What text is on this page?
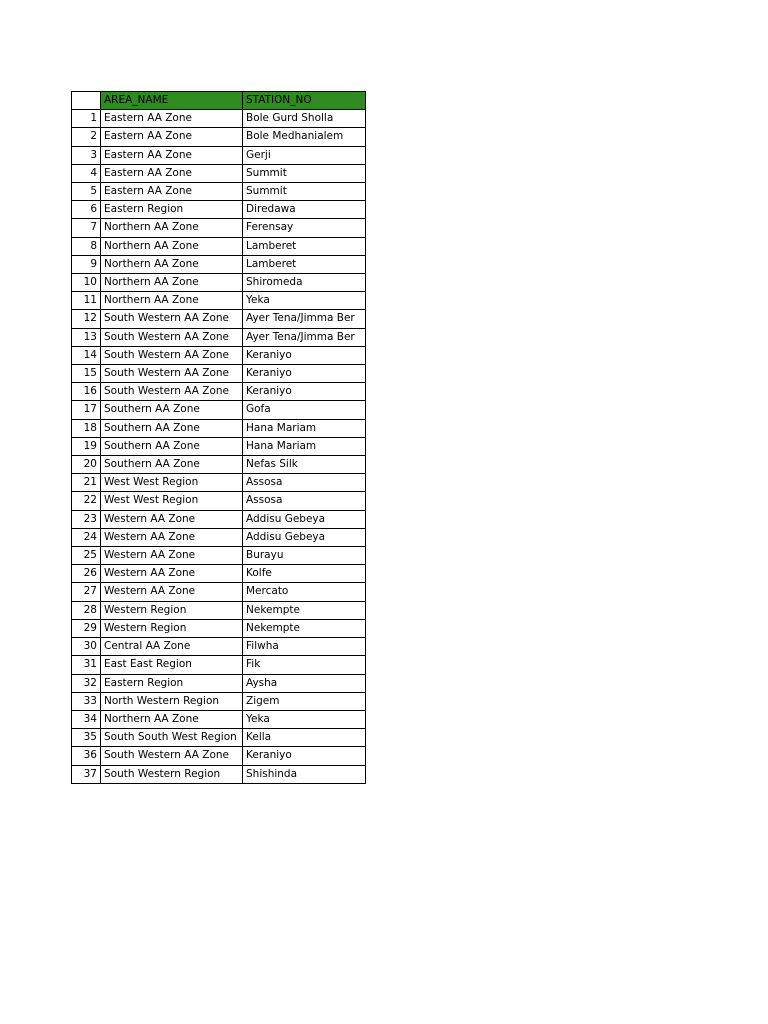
	AREA_NAME	STATION_NO
1	Eastern AA Zone	Bole Gurd Sholla
2	Eastern AA Zone	Bole Medhanialem
3	Eastern AA Zone	Gerji
4	Eastern AA Zone	Summit
5	Eastern AA Zone	Summit
6	Eastern Region	Diredawa
7	Northern AA Zone	Ferensay
8	Northern AA Zone	Lamberet
9	Northern AA Zone	Lamberet
10	Northern AA Zone	Shiromeda
11	Northern AA Zone	Yeka
12	South Western AA Zone	Ayer Tena/Jimma Ber
13	South Western AA Zone	Ayer Tena/Jimma Ber
14	South Western AA Zone	Keraniyo
15	South Western AA Zone	Keraniyo
16	South Western AA Zone	Keraniyo
17	Southern AA Zone	Gofa
18	Southern AA Zone	Hana Mariam
19	Southern AA Zone	Hana Mariam
20	Southern AA Zone	Nefas Silk
21	West West Region	Assosa
22	West West Region	Assosa
23	Western AA Zone	Addisu Gebeya
24	Western AA Zone	Addisu Gebeya
25	Western AA Zone	Burayu
26	Western AA Zone	Kolfe
27	Western AA Zone	Mercato
28	Western Region	Nekempte
29	Western Region	Nekempte
30	Central AA Zone	Filwha
31	East East Region	Fik
32	Eastern Region	Aysha
33	North Western Region	Zigem
34	Northern AA Zone	Yeka
35	South South West Region	Kella
36	South Western AA Zone	Keraniyo
37	South Western Region	Shishinda
